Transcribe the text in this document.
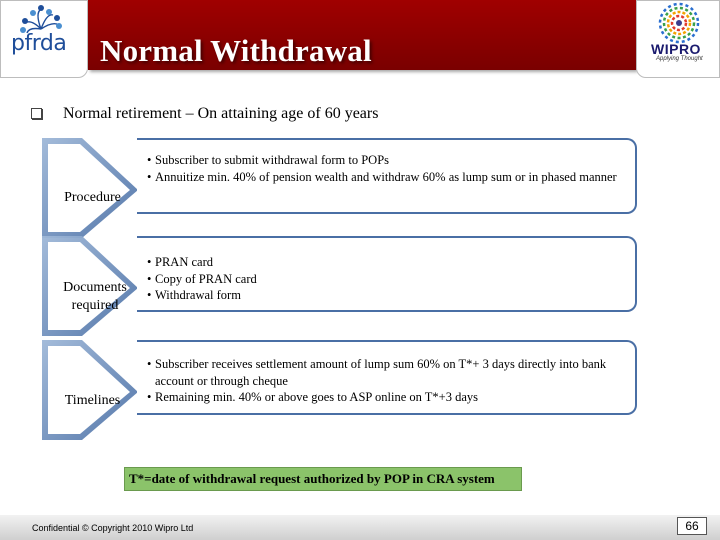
Normal Withdrawal
pfrda	WIPRO
Applying Thought
Normal retirement – On attaining age of 60 years
Procedure
• Subscriber to submit withdrawal form to POPs
• Annuitize min. 40% of pension wealth and withdraw 60% as lump sum or in phased manner
Documents
required
• PRAN card
• Copy of PRAN card
• Withdrawal form
Timelines
• Subscriber receives settlement amount of lump sum 60% on T*+ 3 days directly into bank account or through cheque
• Remaining min. 40% or above goes to ASP online on T*+3 days
T*=date of withdrawal request authorized by POP in CRA system
Confidential © Copyright 2010 Wipro Ltd	66
